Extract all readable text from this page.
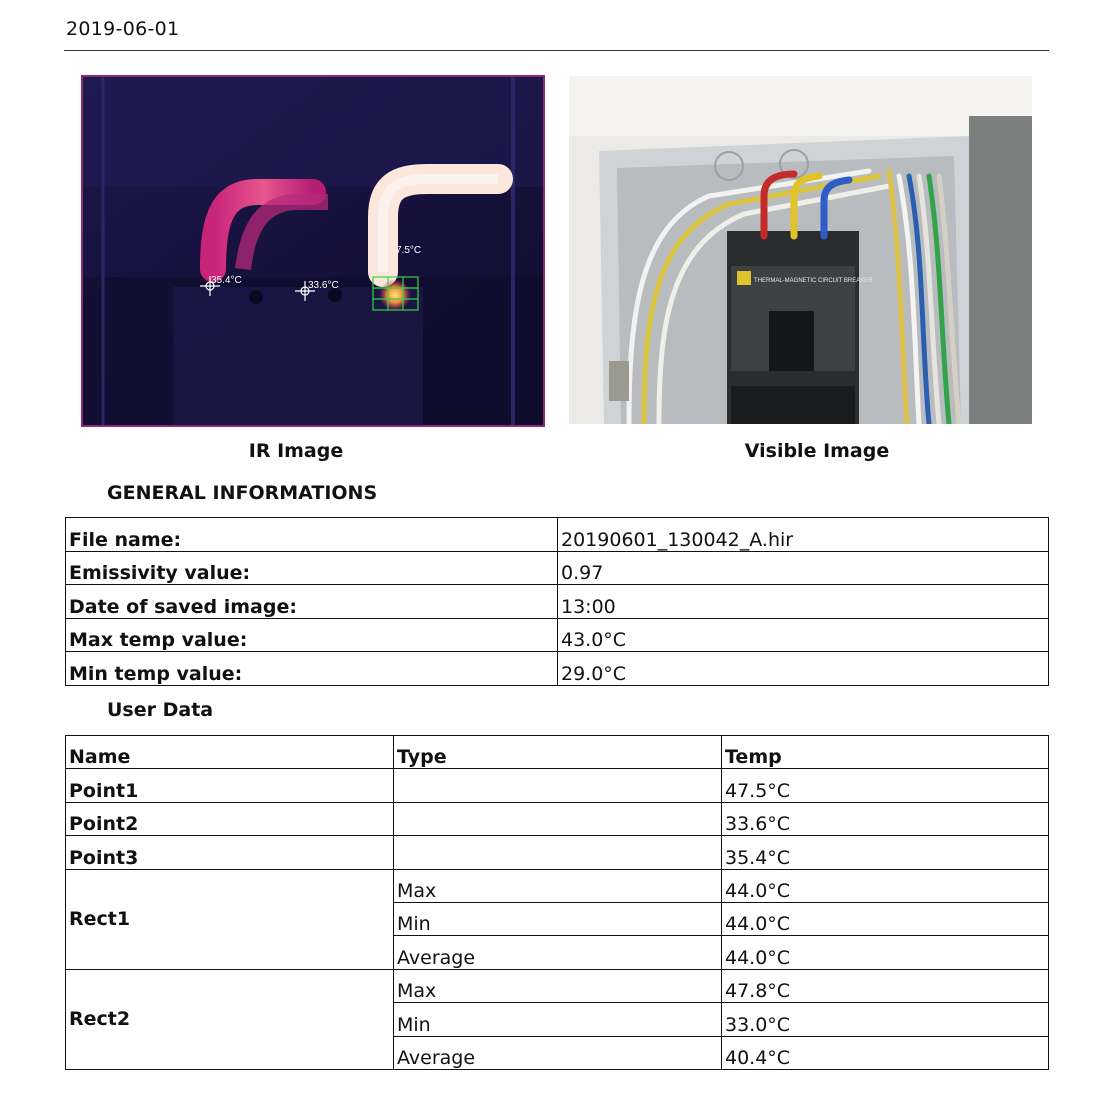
2019-06-01
7.5°C
33.6°C
35.4°C	THERMAL-MAGNETIC CIRCUIT BREAKER
IR Image	Visible Image
GENERAL INFORMATIONS
File name:	20190601_130042_A.hir
Emissivity value:	0.97
Date of saved image:	13:00
Max temp value:	43.0°C
Min temp value:	29.0°C
User Data
Name	Type	Temp
Point1		47.5°C
Point2		33.6°C
Point3		35.4°C
Rect1	Max	44.0°C
	Min	44.0°C
	Average	44.0°C
Rect2	Max	47.8°C
	Min	33.0°C
	Average	40.4°C
